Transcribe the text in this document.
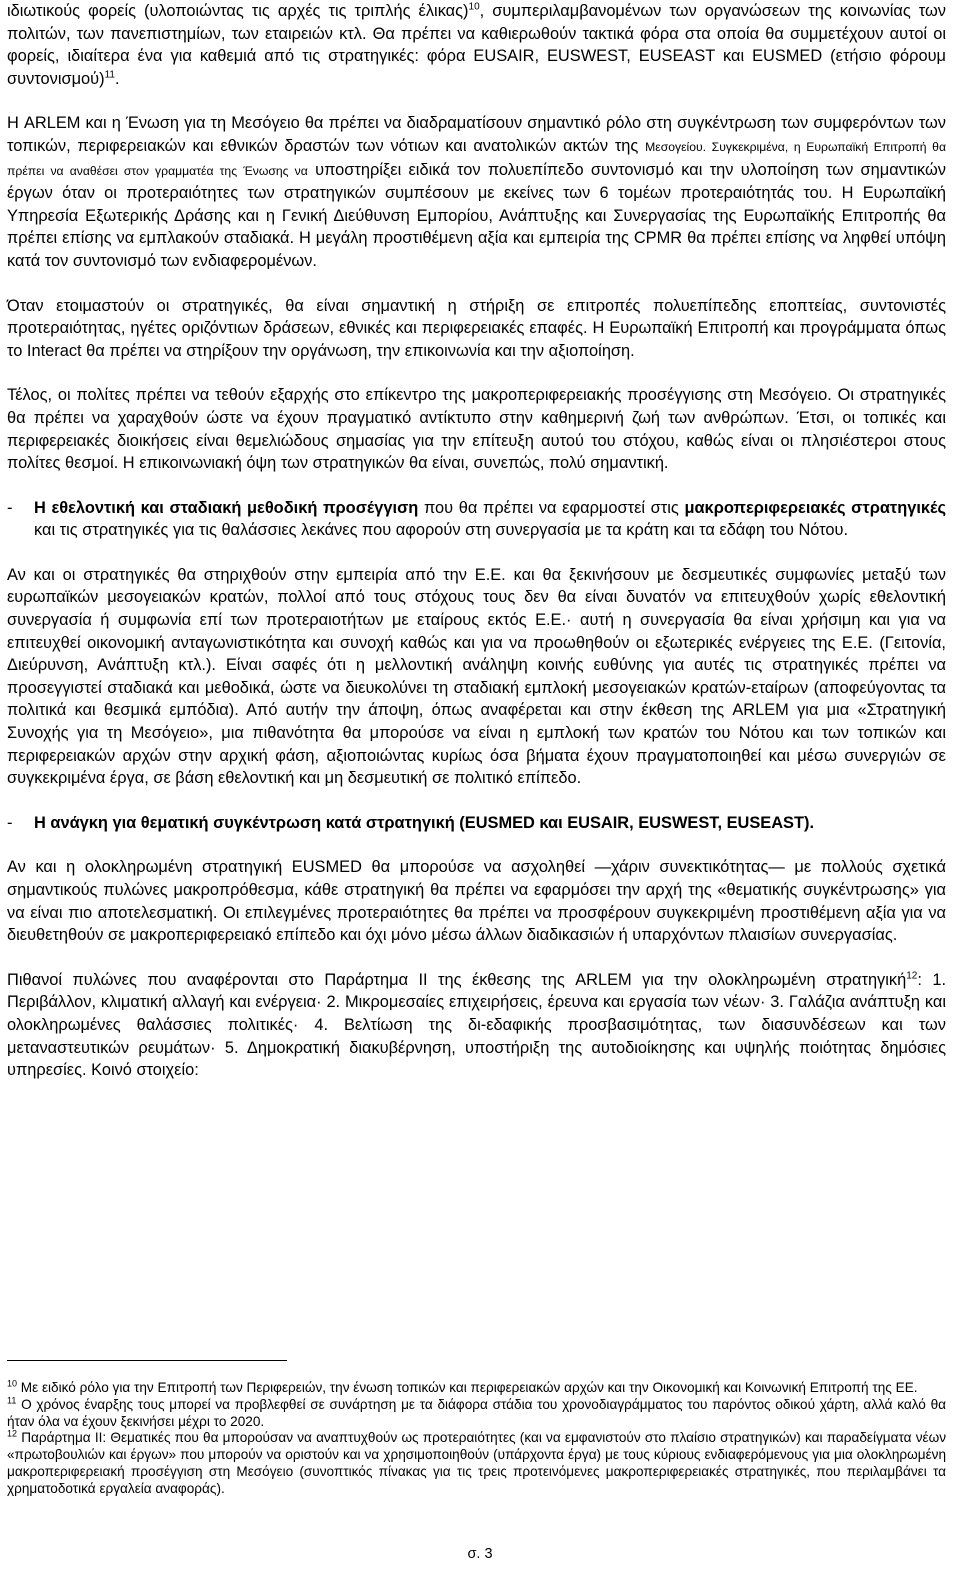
ιδιωτικούς φορείς (υλοποιώντας τις αρχές τις τριπλής έλικας)$^{10}$, συμπεριλαμβανομένων των οργανώσεων της κοινωνίας των πολιτών, των πανεπιστημίων, των εταιρειών κτλ. Θα πρέπει να καθιερωθούν τακτικά φόρα στα οποία θα συμμετέχουν αυτοί οι φορείς, ιδιαίτερα ένα για καθεμιά από τις στρατηγικές: φόρα EUSAIR, EUSWEST, EUSEAST και EUSMED (ετήσιο φόρουμ συντονισμού)$^{11}$.

Η ARLEM και η Ένωση για τη Μεσόγειο θα πρέπει να διαδραματίσουν σημαντικό ρόλο στη συγκέντρωση των συμφερόντων των τοπικών, περιφερειακών και εθνικών δραστών των νότιων και ανατολικών ακτών της Μεσογείου. Συγκεκριμένα, η Ευρωπαϊκή Επιτροπή θα πρέπει να αναθέσει στον γραμματέα της Ένωσης να υποστηρίξει ειδικά τον πολυεπίπεδο συντονισμό και την υλοποίηση των σημαντικών έργων όταν οι προτεραιότητες των στρατηγικών συμπέσουν με εκείνες των 6 τομέων προτεραιότητάς του. Η Ευρωπαϊκή Υπηρεσία Εξωτερικής Δράσης και η Γενική Διεύθυνση Εμπορίου, Ανάπτυξης και Συνεργασίας της Ευρωπαϊκής Επιτροπής θα πρέπει επίσης να εμπλακούν σταδιακά. Η μεγάλη προστιθέμενη αξία και εμπειρία της CPMR θα πρέπει επίσης να ληφθεί υπόψη κατά τον συντονισμό των ενδιαφερομένων.

Όταν ετοιμαστούν οι στρατηγικές, θα είναι σημαντική η στήριξη σε επιτροπές πολυεπίπεδης εποπτείας, συντονιστές προτεραιότητας, ηγέτες οριζόντιων δράσεων, εθνικές και περιφερειακές επαφές. Η Ευρωπαϊκή Επιτροπή και προγράμματα όπως το Interact θα πρέπει να στηρίξουν την οργάνωση, την επικοινωνία και την αξιοποίηση.

Τέλος, οι πολίτες πρέπει να τεθούν εξαρχής στο επίκεντρο της μακροπεριφερειακής προσέγγισης στη Μεσόγειο. Οι στρατηγικές θα πρέπει να χαραχθούν ώστε να έχουν πραγματικό αντίκτυπο στην καθημερινή ζωή των ανθρώπων. Έτσι, οι τοπικές και περιφερειακές διοικήσεις είναι θεμελιώδους σημασίας για την επίτευξη αυτού του στόχου, καθώς είναι οι πλησιέστεροι στους πολίτες θεσμοί. Η επικοινωνιακή όψη των στρατηγικών θα είναι, συνεπώς, πολύ σημαντική.

-	Η εθελοντική και σταδιακή μεθοδική προσέγγιση που θα πρέπει να εφαρμοστεί στις μακροπεριφερειακές στρατηγικές και τις στρατηγικές για τις θαλάσσιες λεκάνες που αφορούν στη συνεργασία με τα κράτη και τα εδάφη του Νότου.

Αν και οι στρατηγικές θα στηριχθούν στην εμπειρία από την Ε.Ε. και θα ξεκινήσουν με δεσμευτικές συμφωνίες μεταξύ των ευρωπαϊκών μεσογειακών κρατών, πολλοί από τους στόχους τους δεν θα είναι δυνατόν να επιτευχθούν χωρίς εθελοντική συνεργασία ή συμφωνία επί των προτεραιοτήτων με εταίρους εκτός Ε.Ε.· αυτή η συνεργασία θα είναι χρήσιμη και για να επιτευχθεί οικονομική ανταγωνιστικότητα και συνοχή καθώς και για να προωθηθούν οι εξωτερικές ενέργειες της Ε.Ε. (Γειτονία, Διεύρυνση, Ανάπτυξη κτλ.). Είναι σαφές ότι η μελλοντική ανάληψη κοινής ευθύνης για αυτές τις στρατηγικές πρέπει να προσεγγιστεί σταδιακά και μεθοδικά, ώστε να διευκολύνει τη σταδιακή εμπλοκή μεσογειακών κρατών-εταίρων (αποφεύγοντας τα πολιτικά και θεσμικά εμπόδια). Από αυτήν την άποψη, όπως αναφέρεται και στην έκθεση της ARLEM για μια «Στρατηγική Συνοχής για τη Μεσόγειο», μια πιθανότητα θα μπορούσε να είναι η εμπλοκή των κρατών του Νότου και των τοπικών και περιφερειακών αρχών στην αρχική φάση, αξιοποιώντας κυρίως όσα βήματα έχουν πραγματοποιηθεί και μέσω συνεργιών σε συγκεκριμένα έργα, σε βάση εθελοντική και μη δεσμευτική σε πολιτικό επίπεδο.

-	Η ανάγκη για θεματική συγκέντρωση κατά στρατηγική (EUSMED και EUSAIR, EUSWEST, EUSEAST).

Αν και η ολοκληρωμένη στρατηγική EUSMED θα μπορούσε να ασχοληθεί —χάριν συνεκτικότητας— με πολλούς σχετικά σημαντικούς πυλώνες μακροπρόθεσμα, κάθε στρατηγική θα πρέπει να εφαρμόσει την αρχή της «θεματικής συγκέντρωσης» για να είναι πιο αποτελεσματική. Οι επιλεγμένες προτεραιότητες θα πρέπει να προσφέρουν συγκεκριμένη προστιθέμενη αξία για να διευθετηθούν σε μακροπεριφερειακό επίπεδο και όχι μόνο μέσω άλλων διαδικασιών ή υπαρχόντων πλαισίων συνεργασίας.

Πιθανοί πυλώνες που αναφέρονται στο Παράρτημα II της έκθεσης της ARLEM για την ολοκληρωμένη στρατηγική$^{12}$: 1. Περιβάλλον, κλιματική αλλαγή και ενέργεια· 2. Μικρομεσαίες επιχειρήσεις, έρευνα και εργασία των νέων· 3. Γαλάζια ανάπτυξη και ολοκληρωμένες θαλάσσιες πολιτικές· 4. Βελτίωση της δι-εδαφικής προσβασιμότητας, των διασυνδέσεων και των μεταναστευτικών ρευμάτων· 5. Δημοκρατική διακυβέρνηση, υποστήριξη της αυτοδιοίκησης και υψηλής ποιότητας δημόσιες υπηρεσίες. Κοινό στοιχείο:

$^{10}$ Με ειδικό ρόλο για την Επιτροπή των Περιφερειών, την ένωση τοπικών και περιφερειακών αρχών και την Οικονομική και Κοινωνική Επιτροπή της ΕΕ.

$^{11}$ Ο χρόνος έναρξης τους μπορεί να προβλεφθεί σε συνάρτηση με τα διάφορα στάδια του χρονοδιαγράμματος του παρόντος οδικού χάρτη, αλλά καλό θα ήταν όλα να έχουν ξεκινήσει μέχρι το 2020.

$^{12}$ Παράρτημα II: Θεματικές που θα μπορούσαν να αναπτυχθούν ως προτεραιότητες (και να εμφανιστούν στο πλαίσιο στρατηγικών) και παραδείγματα νέων «πρωτοβουλιών και έργων» που μπορούν να οριστούν και να χρησιμοποιηθούν (υπάρχοντα έργα) με τους κύριους ενδιαφερόμενους για μια ολοκληρωμένη μακροπεριφερειακή προσέγγιση στη Μεσόγειο (συνοπτικός πίνακας για τις τρεις προτεινόμενες μακροπεριφερειακές στρατηγικές, που περιλαμβάνει τα χρηματοδοτικά εργαλεία αναφοράς).

σ. 3
